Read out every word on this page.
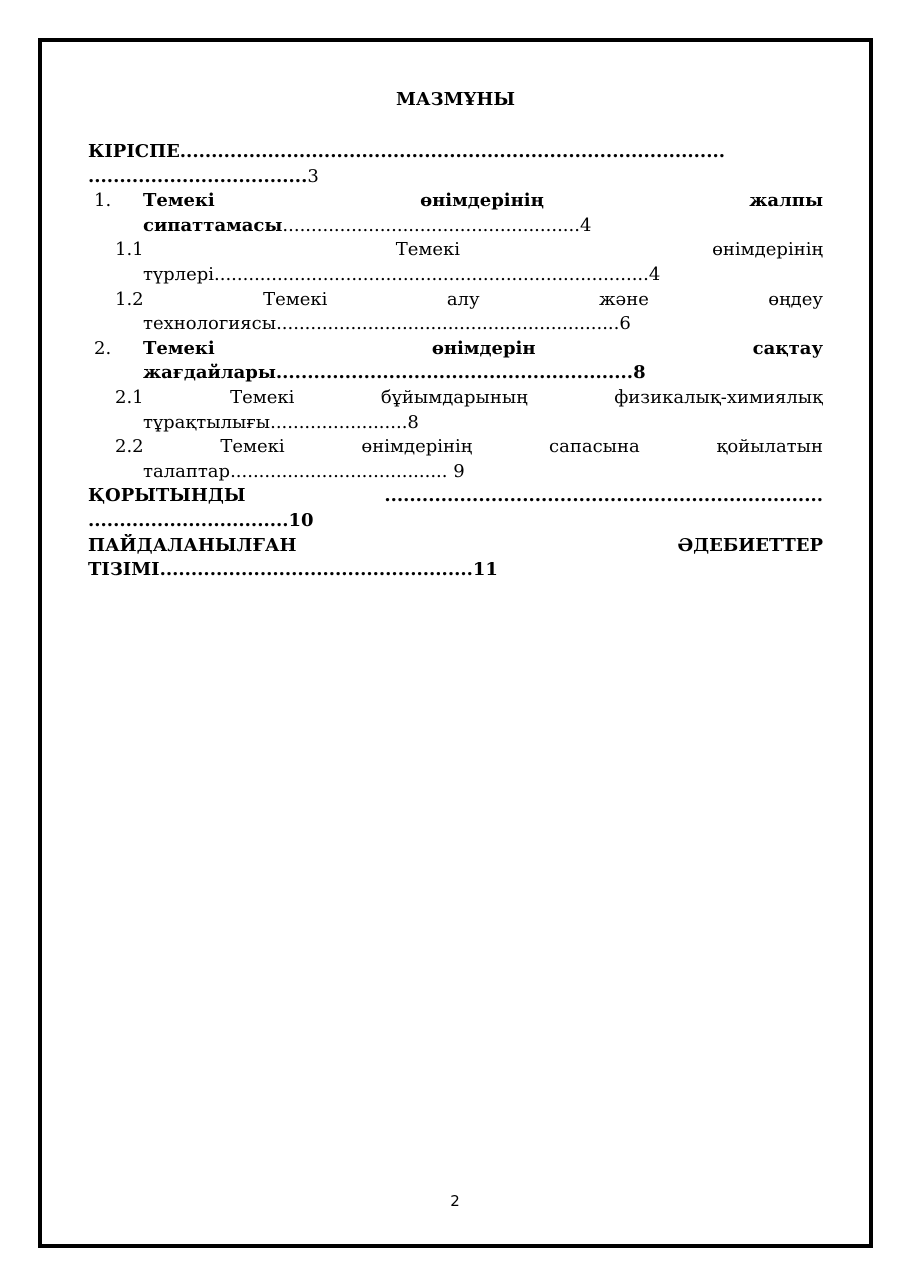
МАЗМҰНЫ
КІРІСПЕ.......................................................................................
...................................3
1. Темекі	өнімдерінің	жалпы
сипаттамасы....................................................4
1.1	Темекі	өнімдерінің
түрлері............................................................................4
1.2	Темекі	алу	және	өңдеу
технологиясы............................................................6
2. Темекі	өнімдерін	сақтау
жағдайлары.........................................................8
2.1	Темекі	бұйымдарының	физикалық-химиялық
тұрақтылығы........................8
2.2	Темекі	өнімдерінің	сапасына	қойылатын
талаптар...................................... 9
ҚОРЫТЫНДЫ	......................................................................
................................10
ПАЙДАЛАНЫЛҒАН	ӘДЕБИЕТТЕР
ТІЗІМІ..................................................11
2
